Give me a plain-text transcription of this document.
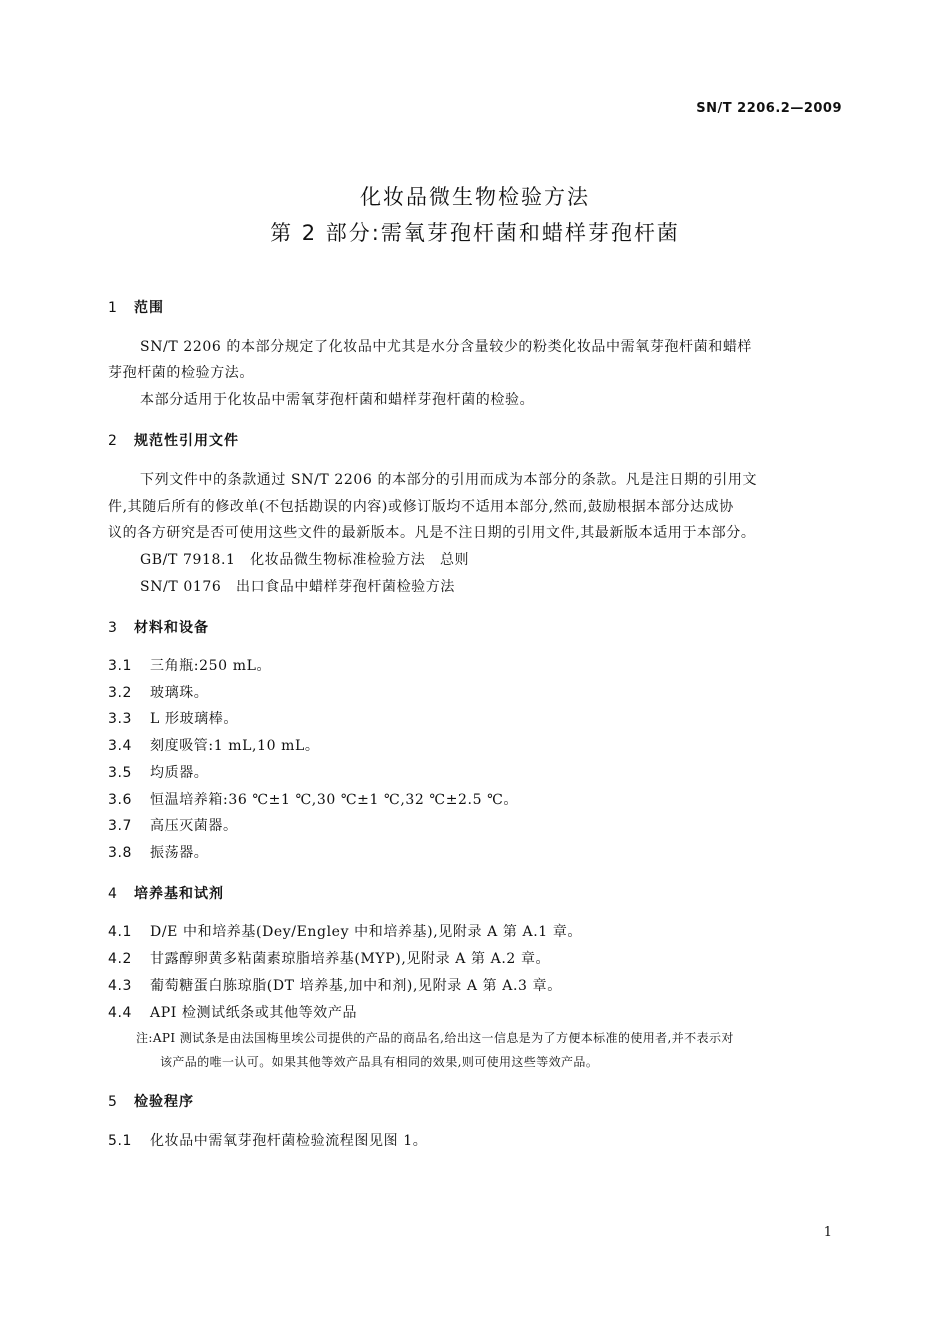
SN/T 2206.2—2009
化妆品微生物检验方法
第 2 部分:需氧芽孢杆菌和蜡样芽孢杆菌
1 范围
SN/T 2206 的本部分规定了化妆品中尤其是水分含量较少的粉类化妆品中需氧芽孢杆菌和蜡样
芽孢杆菌的检验方法。
本部分适用于化妆品中需氧芽孢杆菌和蜡样芽孢杆菌的检验。
2 规范性引用文件
下列文件中的条款通过 SN/T 2206 的本部分的引用而成为本部分的条款。凡是注日期的引用文
件,其随后所有的修改单(不包括勘误的内容)或修订版均不适用本部分,然而,鼓励根据本部分达成协
议的各方研究是否可使用这些文件的最新版本。凡是不注日期的引用文件,其最新版本适用于本部分。
GB/T 7918.1　化妆品微生物标准检验方法　总则
SN/T 0176　出口食品中蜡样芽孢杆菌检验方法
3 材料和设备
3.1 三角瓶:250 mL。
3.2 玻璃珠。
3.3 L 形玻璃棒。
3.4 刻度吸管:1 mL,10 mL。
3.5 均质器。
3.6 恒温培养箱:36 ℃±1 ℃,30 ℃±1 ℃,32 ℃±2.5 ℃。
3.7 高压灭菌器。
3.8 振荡器。
4 培养基和试剂
4.1 D/E 中和培养基(Dey/Engley 中和培养基),见附录 A 第 A.1 章。
4.2 甘露醇卵黄多粘菌素琼脂培养基(MYP),见附录 A 第 A.2 章。
4.3 葡萄糖蛋白胨琼脂(DT 培养基,加中和剂),见附录 A 第 A.3 章。
4.4 API 检测试纸条或其他等效产品
注:API 测试条是由法国梅里埃公司提供的产品的商品名,给出这一信息是为了方便本标准的使用者,并不表示对
该产品的唯一认可。如果其他等效产品具有相同的效果,则可使用这些等效产品。
5 检验程序
5.1 化妆品中需氧芽孢杆菌检验流程图见图 1。
1
